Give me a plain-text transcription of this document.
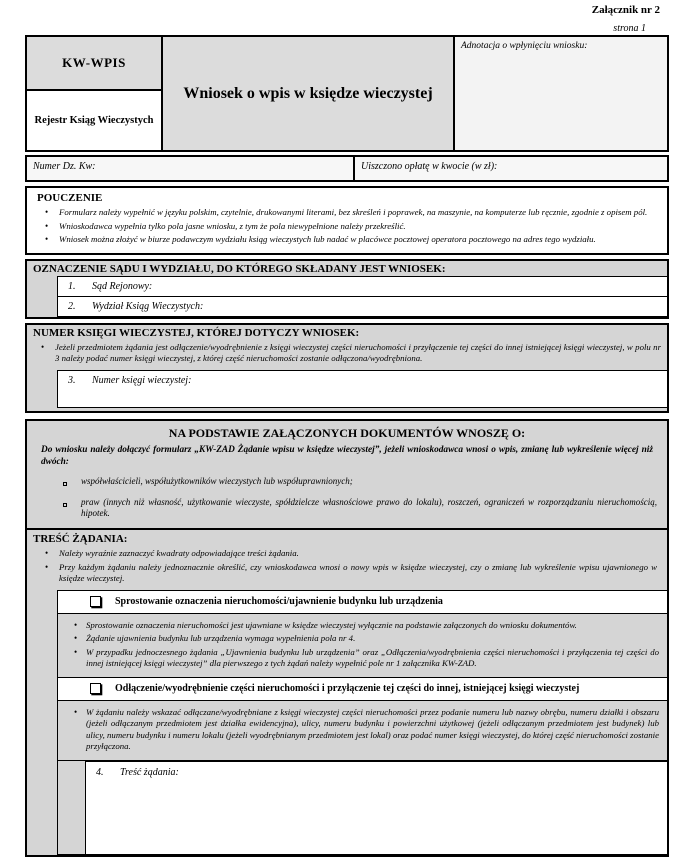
Załącznik nr 2
strona 1
KW-WPIS
Rejestr Ksiąg Wieczystych
Wniosek o wpis w księdze wieczystej
Adnotacja o wpłynięciu wniosku:
Numer Dz. Kw:	Uiszczono opłatę w kwocie (w zł):
POUCZENIE
•	Formularz należy wypełnić w języku polskim, czytelnie, drukowanymi literami, bez skreśleń i poprawek, na maszynie, na komputerze lub ręcznie, zgodnie z opisem pól.
•	Wnioskodawca wypełnia tylko pola jasne wniosku, z tym że pola niewypełnione należy przekreślić.
•	Wniosek można złożyć w biurze podawczym wydziału ksiąg wieczystych lub nadać w placówce pocztowej operatora pocztowego na adres tego wydziału.
OZNACZENIE SĄDU I WYDZIAŁU, DO KTÓREGO SKŁADANY JEST WNIOSEK:
1.	Sąd Rejonowy:
2.	Wydział Ksiąg Wieczystych:
NUMER KSIĘGI WIECZYSTEJ, KTÓREJ DOTYCZY WNIOSEK:
•	Jeżeli przedmiotem żądania jest odłączenie/wyodrębnienie z księgi wieczystej części nieruchomości i przyłączenie tej części do innej istniejącej księgi wieczystej, w polu nr 3 należy podać numer księgi wieczystej, z której część nieruchomości zostanie odłączona/wyodrębniona.
3.	Numer księgi wieczystej:
NA PODSTAWIE ZAŁĄCZONYCH DOKUMENTÓW WNOSZĘ O:
Do wniosku należy dołączyć formularz „KW-ZAD Żądanie wpisu w księdze wieczystej”, jeżeli wnioskodawca wnosi o wpis, zmianę lub wykreślenie więcej niż dwóch:
współwłaścicieli, współużytkowników wieczystych lub współuprawnionych;
praw (innych niż własność, użytkowanie wieczyste, spółdzielcze własnościowe prawo do lokalu), roszczeń, ograniczeń w rozporządzaniu nieruchomością, hipotek.
TREŚĆ ŻĄDANIA:
•	Należy wyraźnie zaznaczyć kwadraty odpowiadające treści żądania.
•	Przy każdym żądaniu należy jednoznacznie określić, czy wnioskodawca wnosi o nowy wpis w księdze wieczystej, czy o zmianę lub wykreślenie wpisu ujawnionego w księdze wieczystej.
Sprostowanie oznaczenia nieruchomości/ujawnienie budynku lub urządzenia
•	Sprostowanie oznaczenia nieruchomości jest ujawniane w księdze wieczystej wyłącznie na podstawie załączonych do wniosku dokumentów.
•	Żądanie ujawnienia budynku lub urządzenia wymaga wypełnienia pola nr 4.
•	W przypadku jednoczesnego żądania „Ujawnienia budynku lub urządzenia” oraz „Odłączenia/wyodrębnienia części nieruchomości i przyłączenia tej części do innej istniejącej księgi wieczystej” dla pierwszego z tych żądań należy wypełnić pole nr 1 załącznika KW-ZAD.
Odłączenie/wyodrębnienie części nieruchomości i przyłączenie tej części do innej, istniejącej księgi wieczystej
•	W żądaniu należy wskazać odłączane/wyodrębniane z księgi wieczystej części nieruchomości przez podanie numeru lub nazwy obrębu, numeru działki i obszaru (jeżeli odłączanym przedmiotem jest działka ewidencyjna), ulicy, numeru budynku i powierzchni użytkowej (jeżeli odłączanym przedmiotem jest budynek) lub ulicy, numeru budynku i numeru lokalu (jeżeli wyodrębnianym przedmiotem jest lokal) oraz podać numer księgi wieczystej, do której część nieruchomości zostanie przyłączona.
4.	Treść żądania:
